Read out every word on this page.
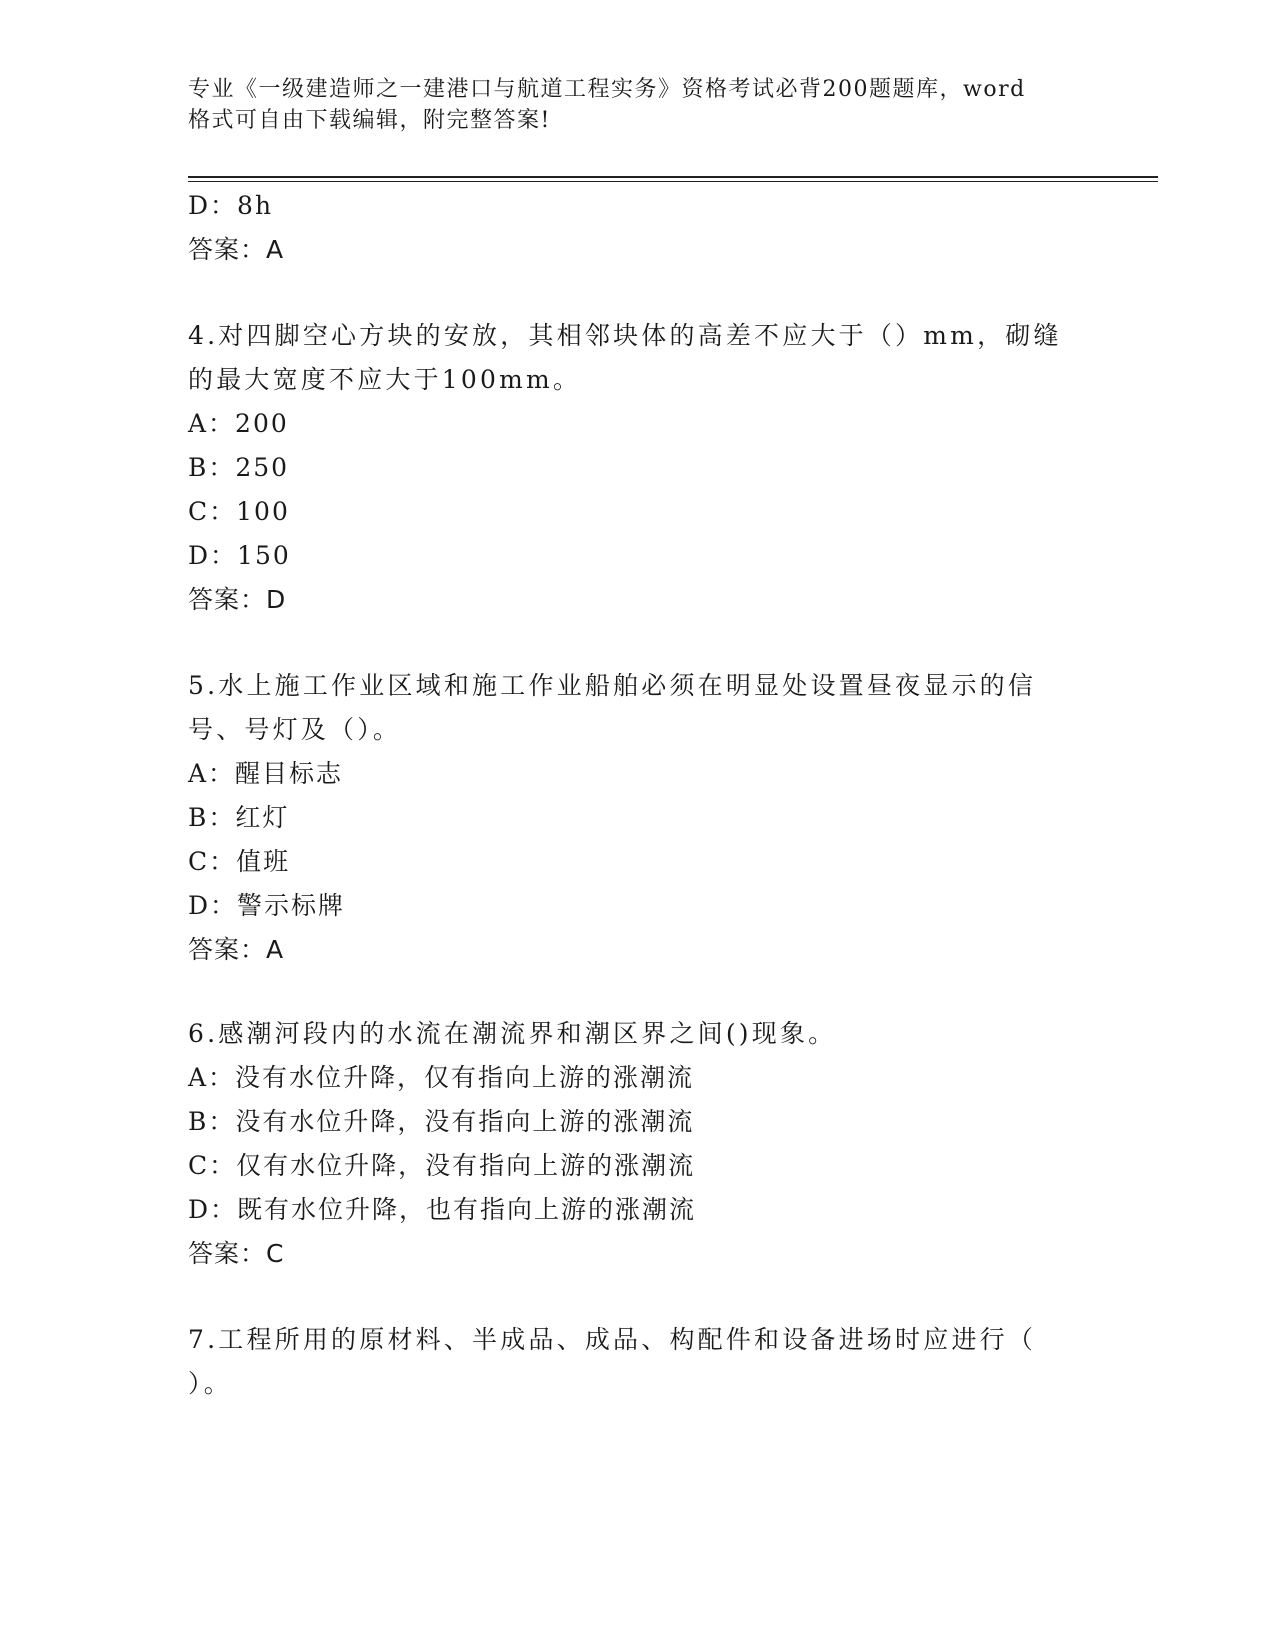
专业《一级建造师之一建港口与航道工程实务》资格考试必背200题题库，word
格式可自由下载编辑，附完整答案!
D：8h
答案：A
4.对四脚空心方块的安放，其相邻块体的高差不应大于（）mm，砌缝
的最大宽度不应大于100mm。
A：200
B：250
C：100
D：150
答案：D
5.水上施工作业区域和施工作业船舶必须在明显处设置昼夜显示的信
号、号灯及（）。
A：醒目标志
B：红灯
C：值班
D：警示标牌
答案：A
6.感潮河段内的水流在潮流界和潮区界之间()现象。
A：没有水位升降，仅有指向上游的涨潮流
B：没有水位升降，没有指向上游的涨潮流
C：仅有水位升降，没有指向上游的涨潮流
D：既有水位升降，也有指向上游的涨潮流
答案：C
7.工程所用的原材料、半成品、成品、构配件和设备进场时应进行（
）。
